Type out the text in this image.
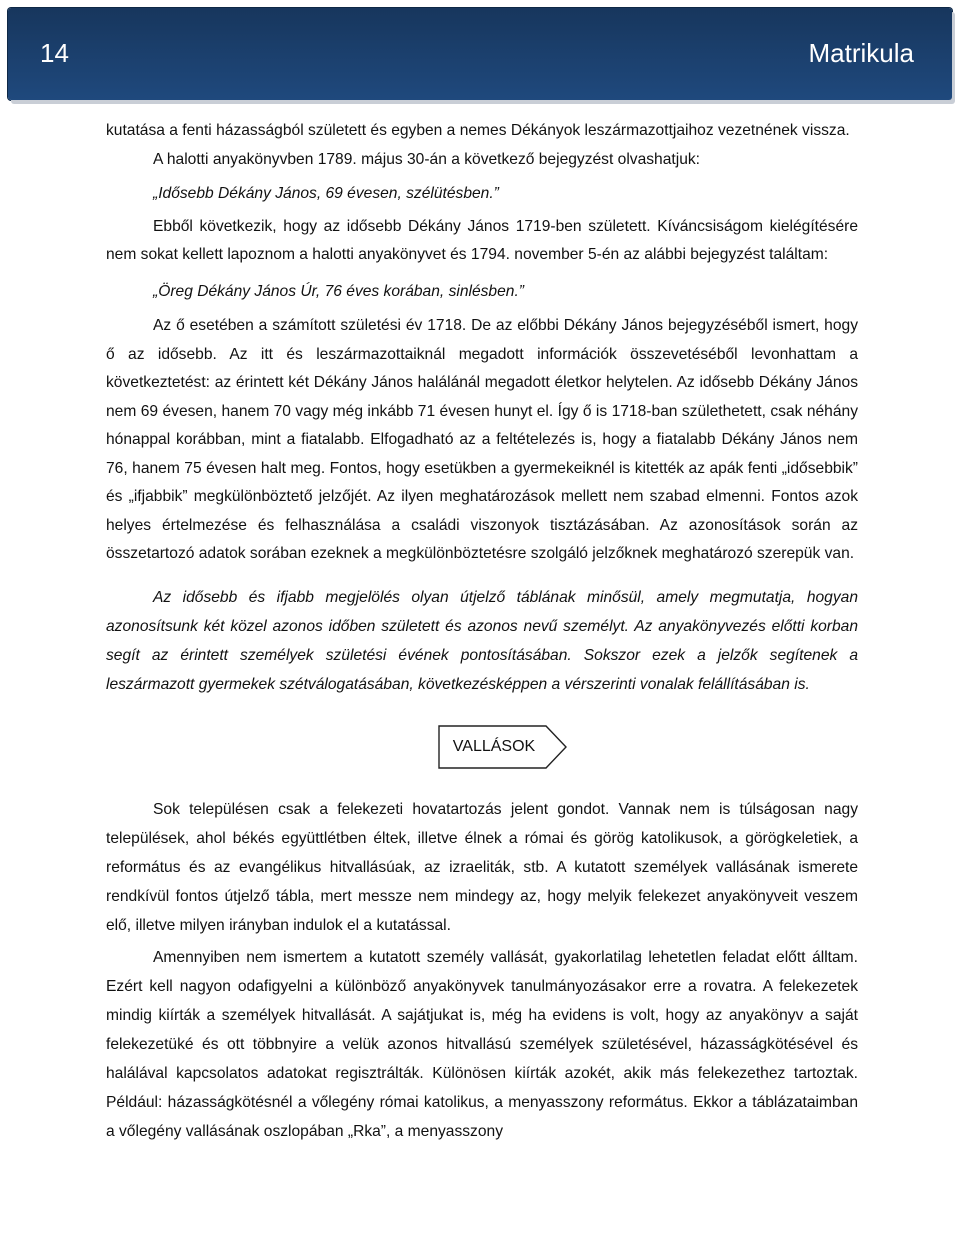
14	Matrikula

kutatása a fenti házasságból született és egyben a nemes Dékányok leszármazottjaihoz vezetnének vissza.

A halotti anyakönyvben 1789. május 30-án a következő bejegyzést olvashatjuk:

„Idősebb Dékány János, 69 évesen, szélütésben.”

Ebből következik, hogy az idősebb Dékány János 1719-ben született. Kíváncsiságom kielégítésére nem sokat kellett lapoznom a halotti anyakönyvet és 1794. november 5-én az alábbi bejegyzést találtam:

„Öreg Dékány János Úr, 76 éves korában, sinlésben.”

Az ő esetében a számított születési év 1718. De az előbbi Dékány János bejegyzéséből ismert, hogy ő az idősebb. Az itt és leszármazottaiknál megadott információk összevetéséből levonhattam a következtetést: az érintett két Dékány János halálánál megadott életkor helytelen. Az idősebb Dékány János nem 69 évesen, hanem 70 vagy még inkább 71 évesen hunyt el. Így ő is 1718-ban születhetett, csak néhány hónappal korábban, mint a fiatalabb. Elfogadható az a feltételezés is, hogy a fiatalabb Dékány János nem 76, hanem 75 évesen halt meg. Fontos, hogy esetükben a gyermekeiknél is kitették az apák fenti „idősebbik” és „ifjabbik” megkülönböztető jelzőjét. Az ilyen meghatározások mellett nem szabad elmenni. Fontos azok helyes értelmezése és felhasználása a családi viszonyok tisztázásában. Az azonosítások során az összetartozó adatok sorában ezeknek a megkülönböztetésre szolgáló jelzőknek meghatározó szerepük van.

Az idősebb és ifjabb megjelölés olyan útjelző táblának minősül, amely megmutatja, hogyan azonosítsunk két közel azonos időben született és azonos nevű személyt. Az anyakönyvezés előtti korban segít az érintett személyek születési évének pontosításában. Sokszor ezek a jelzők segítenek a leszármazott gyermekek szétválogatásában, következésképpen a vérszerinti vonalak felállításában is.

VALLÁSOK

Sok településen csak a felekezeti hovatartozás jelent gondot. Vannak nem is túlságosan nagy települések, ahol békés együttlétben éltek, illetve élnek a római és görög katolikusok, a görögkeletiek, a református és az evangélikus hitvallásúak, az izraeliták, stb. A kutatott személyek vallásának ismerete rendkívül fontos útjelző tábla, mert messze nem mindegy az, hogy melyik felekezet anyakönyveit veszem elő, illetve milyen irányban indulok el a kutatással.

Amennyiben nem ismertem a kutatott személy vallását, gyakorlatilag lehetetlen feladat előtt álltam. Ezért kell nagyon odafigyelni a különböző anyakönyvek tanulmányozásakor erre a rovatra. A felekezetek mindig kiírták a személyek hitvallását. A sajátjukat is, még ha evidens is volt, hogy az anyakönyv a saját felekezetüké és ott többnyire a velük azonos hitvallású személyek születésével, házasságkötésével és halálával kapcsolatos adatokat regisztrálták. Különösen kiírták azokét, akik más felekezethez tartoztak. Például: házasságkötésnél a vőlegény római katolikus, a menyasszony református. Ekkor a táblázataimban a vőlegény vallásának oszlopában „Rka”, a menyasszony
